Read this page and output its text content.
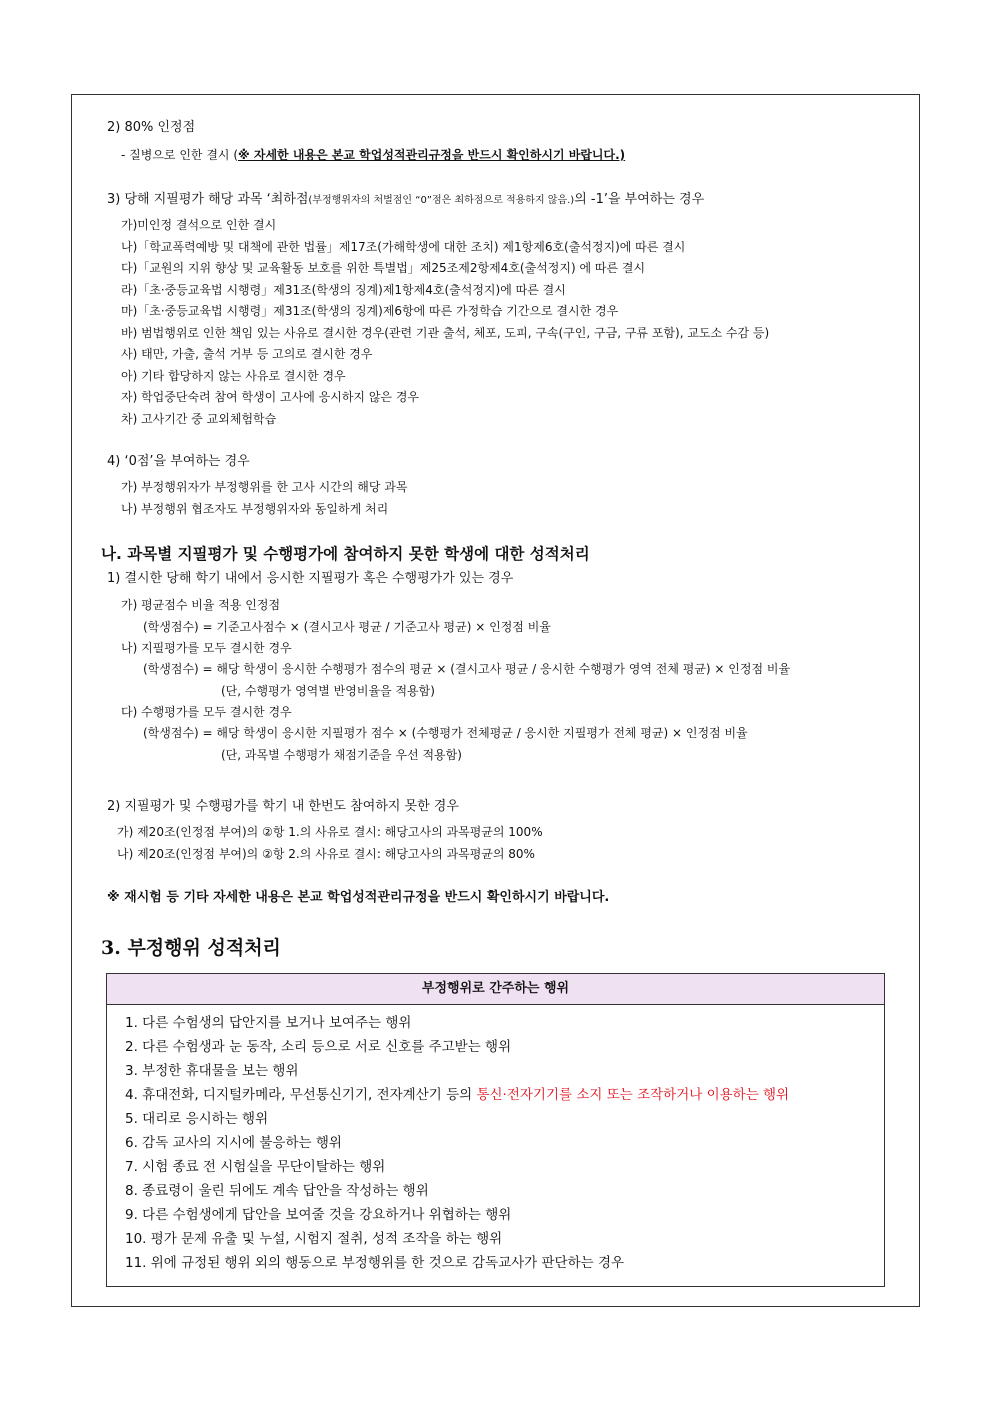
2) 80% 인정점
- 질병으로 인한 결시 (※ 자세한 내용은 본교 학업성적관리규정을 반드시 확인하시기 바랍니다.)
3) 당해 지필평가 해당 과목 ‘최하점(부정행위자의 처벌점인 “0”점은 최하점으로 적용하지 않음.)의 -1’을 부여하는 경우
가)미인정 결석으로 인한 결시
나)「학교폭력예방 및 대책에 관한 법률」제17조(가해학생에 대한 조치) 제1항제6호(출석정지)에 따른 결시
다)「교원의 지위 향상 및 교육활동 보호를 위한 특별법」제25조제2항제4호(출석정지) 에 따른 결시
라)「초·중등교육법 시행령」제31조(학생의 징계)제1항제4호(출석정지)에 따른 결시
마)「초·중등교육법 시행령」제31조(학생의 징계)제6항에 따른 가정학습 기간으로 결시한 경우
바) 범법행위로 인한 책임 있는 사유로 결시한 경우(관련 기관 출석, 체포, 도피, 구속(구인, 구금, 구류 포함), 교도소 수감 등)
사) 태만, 가출, 출석 거부 등 고의로 결시한 경우
아) 기타 합당하지 않는 사유로 결시한 경우
자) 학업중단숙려 참여 학생이 고사에 응시하지 않은 경우
차) 고사기간 중 교외체험학습
4) ‘0점’을 부여하는 경우
가) 부정행위자가 부정행위를 한 고사 시간의 해당 과목
나) 부정행위 협조자도 부정행위자와 동일하게 처리
나. 과목별 지필평가 및 수행평가에 참여하지 못한 학생에 대한 성적처리
1) 결시한 당해 학기 내에서 응시한 지필평가 혹은 수행평가가 있는 경우
가) 평균점수 비율 적용 인정점
(학생점수) = 기준고사점수 × (결시고사 평균 / 기준고사 평균) × 인정점 비율
나) 지필평가를 모두 결시한 경우
(학생점수) = 해당 학생이 응시한 수행평가 점수의 평균 × (결시고사 평균 / 응시한 수행평가 영역 전체 평균) × 인정점 비율
(단, 수행평가 영역별 반영비율을 적용함)
다) 수행평가를 모두 결시한 경우
(학생점수) = 해당 학생이 응시한 지필평가 점수 × (수행평가 전체평균 / 응시한 지필평가 전체 평균) × 인정점 비율
(단, 과목별 수행평가 채점기준을 우선 적용함)
2) 지필평가 및 수행평가를 학기 내 한번도 참여하지 못한 경우
가) 제20조(인정점 부여)의 ②항 1.의 사유로 결시: 해당고사의 과목평균의 100%
나) 제20조(인정점 부여)의 ②항 2.의 사유로 결시: 해당고사의 과목평균의 80%
※ 재시험 등 기타 자세한 내용은 본교 학업성적관리규정을 반드시 확인하시기 바랍니다.
3. 부정행위 성적처리
부정행위로 간주하는 행위
1. 다른 수험생의 답안지를 보거나 보여주는 행위
2. 다른 수험생과 눈 동작, 소리 등으로 서로 신호를 주고받는 행위
3. 부정한 휴대물을 보는 행위
4. 휴대전화, 디지털카메라, 무선통신기기, 전자계산기 등의 통신·전자기기를 소지 또는 조작하거나 이용하는 행위
5. 대리로 응시하는 행위
6. 감독 교사의 지시에 불응하는 행위
7. 시험 종료 전 시험실을 무단이탈하는 행위
8. 종료령이 울린 뒤에도 계속 답안을 작성하는 행위
9. 다른 수험생에게 답안을 보여줄 것을 강요하거나 위협하는 행위
10. 평가 문제 유출 및 누설, 시험지 절취, 성적 조작을 하는 행위
11. 위에 규정된 행위 외의 행동으로 부정행위를 한 것으로 감독교사가 판단하는 경우
